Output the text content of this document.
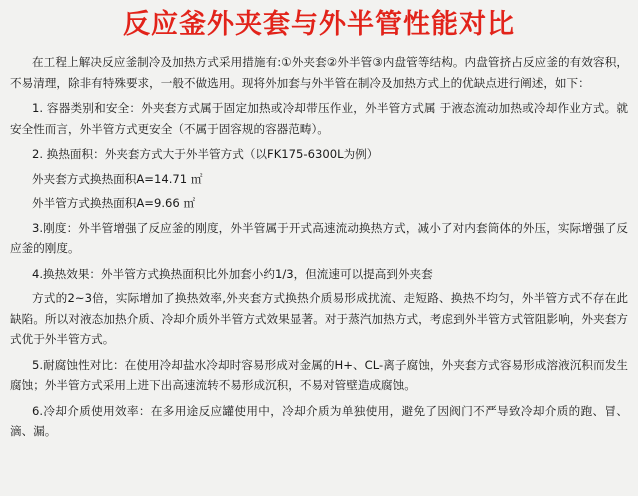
反应釜外夹套与外半管性能对比

在工程上解决反应釜制冷及加热方式采用措施有:①外夹套②外半管③内盘管等结构。内盘管挤占反应釜的有效容积，不易清理，除非有特殊要求，一般不做选用。现将外加套与外半管在制冷及加热方式上的优缺点进行阐述，如下：

1. 容器类别和安全：外夹套方式属于固定加热或冷却带压作业，外半管方式属 于液态流动加热或冷却作业方式。就安全性而言，外半管方式更安全（不属于固容规的容器范畴）。

2. 换热面积：外夹套方式大于外半管方式（以FK175-6300L为例）

外夹套方式换热面积A=14.71 ㎡

外半管方式换热面积A=9.66 ㎡

3.刚度：外半管增强了反应釜的刚度，外半管属于开式高速流动换热方式，减小了对内套筒体的外压，实际增强了反应釜的刚度。

4.换热效果：外半管方式换热面积比外加套小约1/3，但流速可以提高到外夹套

方式的2~3倍，实际增加了换热效率,外夹套方式换热介质易形成扰流、走短路、换热不均匀，外半管方式不存在此缺陷。所以对液态加热介质、冷却介质外半管方式效果显著。对于蒸汽加热方式，考虑到外半管方式管阻影响，外夹套方式优于外半管方式。

5.耐腐蚀性对比：在使用冷却盐水冷却时容易形成对金属的H+、CL-离子腐蚀，外夹套方式容易形成溶液沉积而发生腐蚀；外半管方式采用上进下出高速流转不易形成沉积，不易对管壁造成腐蚀。

6.冷却介质使用效率：在多用途反应罐使用中，冷却介质为单独使用，避免了因阀门不严导致冷却介质的跑、冒、滴、漏。
